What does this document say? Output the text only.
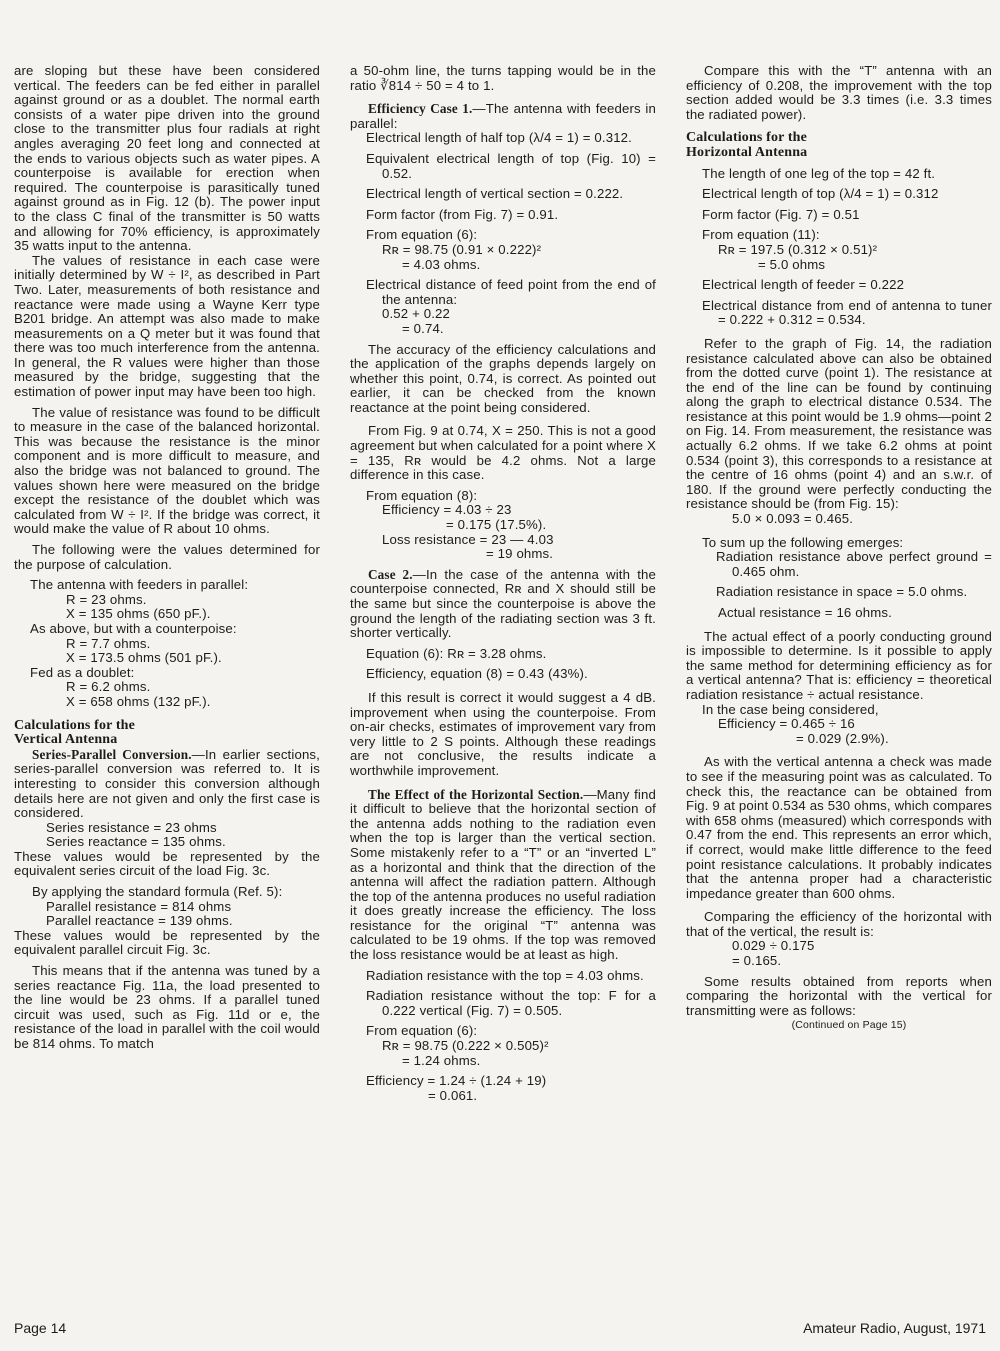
are sloping but these have been considered vertical. The feeders can be fed either in parallel against ground or as a doublet. The normal earth consists of a water pipe driven into the ground close to the transmitter plus four radials at right angles averaging 20 feet long and connected at the ends to various objects such as water pipes. A counterpoise is available for erection when required. The counterpoise is parasitically tuned against ground as in Fig. 12 (b). The power input to the class C final of the transmitter is 50 watts and allowing for 70% efficiency, is approximately 35 watts input to the antenna.

The values of resistance in each case were initially determined by W ÷ I², as described in Part Two. Later, measurements of both resistance and reactance were made using a Wayne Kerr type B201 bridge. An attempt was also made to make measurements on a Q meter but it was found that there was too much interference from the antenna. In general, the R values were higher than those measured by the bridge, suggesting that the estimation of power input may have been too high.

The value of resistance was found to be difficult to measure in the case of the balanced horizontal. This was because the resistance is the minor component and is more difficult to measure, and also the bridge was not balanced to ground. The values shown here were measured on the bridge except the resistance of the doublet which was calculated from W ÷ I². If the bridge was correct, it would make the value of R about 10 ohms.

The following were the values determined for the purpose of calculation.

The antenna with feeders in parallel:

R = 23 ohms.

X = 135 ohms (650 pF.).

As above, but with a counterpoise:

R = 7.7 ohms.

X = 173.5 ohms (501 pF.).

Fed as a doublet:

R = 6.2 ohms.

X = 658 ohms (132 pF.).

Calculations for the

Vertical Antenna

Series-Parallel Conversion.—In earlier sections, series-parallel conversion was referred to. It is interesting to consider this conversion although details here are not given and only the first case is considered.

Series resistance = 23 ohms

Series reactance = 135 ohms.

These values would be represented by the equivalent series circuit of the load Fig. 3c.

By applying the standard formula (Ref. 5):

Parallel resistance = 814 ohms

Parallel reactance = 139 ohms.

These values would be represented by the equivalent parallel circuit Fig. 3c.

This means that if the antenna was tuned by a series reactance Fig. 11a, the load presented to the line would be 23 ohms. If a parallel tuned circuit was used, such as Fig. 11d or e, the resistance of the load in parallel with the coil would be 814 ohms. To match

a 50-ohm line, the turns tapping would be in the ratio ∛814 ÷ 50 = 4 to 1.

Efficiency Case 1.—The antenna with feeders in parallel:

Electrical length of half top (λ/4 = 1) = 0.312.

Equivalent electrical length of top (Fig. 10) = 0.52.

Electrical length of vertical section = 0.222.

Form factor (from Fig. 7) = 0.91.

From equation (6):

Rʀ = 98.75 (0.91 × 0.222)²

= 4.03 ohms.

Electrical distance of feed point from the end of the antenna:

0.52 + 0.22

= 0.74.

The accuracy of the efficiency calculations and the application of the graphs depends largely on whether this point, 0.74, is correct. As pointed out earlier, it can be checked from the known reactance at the point being considered.

From Fig. 9 at 0.74, X = 250. This is not a good agreement but when calculated for a point where X = 135, Rʀ would be 4.2 ohms. Not a large difference in this case.

From equation (8):

Efficiency = 4.03 ÷ 23

= 0.175 (17.5%).

Loss resistance = 23 — 4.03

= 19 ohms.

Case 2.—In the case of the antenna with the counterpoise connected, Rʀ and X should still be the same but since the counterpoise is above the ground the length of the radiating section was 3 ft. shorter vertically.

Equation (6): Rʀ = 3.28 ohms.

Efficiency, equation (8) = 0.43 (43%).

If this result is correct it would suggest a 4 dB. improvement when using the counterpoise. From on-air checks, estimates of improvement vary from very little to 2 S points. Although these readings are not conclusive, the results indicate a worthwhile improvement.

The Effect of the Horizontal Section.—Many find it difficult to believe that the horizontal section of the antenna adds nothing to the radiation even when the top is larger than the vertical section. Some mistakenly refer to a “T” or an “inverted L” as a horizontal and think that the direction of the antenna will affect the radiation pattern. Although the top of the antenna produces no useful radiation it does greatly increase the efficiency. The loss resistance for the original “T” antenna was calculated to be 19 ohms. If the top was removed the loss resistance would be at least as high.

Radiation resistance with the top = 4.03 ohms.

Radiation resistance without the top: F for a 0.222 vertical (Fig. 7) = 0.505.

From equation (6):

Rʀ = 98.75 (0.222 × 0.505)²

= 1.24 ohms.

Efficiency = 1.24 ÷ (1.24 + 19)

= 0.061.

Compare this with the “T” antenna with an efficiency of 0.208, the improvement with the top section added would be 3.3 times (i.e. 3.3 times the radiated power).

Calculations for the

Horizontal Antenna

The length of one leg of the top = 42 ft.

Electrical length of top (λ/4 = 1) = 0.312

Form factor (Fig. 7) = 0.51

From equation (11):

Rʀ = 197.5 (0.312 × 0.51)²

= 5.0 ohms

Electrical length of feeder = 0.222

Electrical distance from end of antenna to tuner = 0.222 + 0.312 = 0.534.

Refer to the graph of Fig. 14, the radiation resistance calculated above can also be obtained from the dotted curve (point 1). The resistance at the end of the line can be found by continuing along the graph to electrical distance 0.534. The resistance at this point would be 1.9 ohms—point 2 on Fig. 14. From measurement, the resistance was actually 6.2 ohms. If we take 6.2 ohms at point 0.534 (point 3), this corresponds to a resistance at the centre of 16 ohms (point 4) and an s.w.r. of 180. If the ground were perfectly conducting the resistance should be (from Fig. 15):

5.0 × 0.093 = 0.465.

To sum up the following emerges:

Radiation resistance above perfect ground = 0.465 ohm.

Radiation resistance in space = 5.0 ohms.

Actual resistance = 16 ohms.

The actual effect of a poorly conducting ground is impossible to determine. Is it possible to apply the same method for determining efficiency as for a vertical antenna? That is: efficiency = theoretical radiation resistance ÷ actual resistance.

In the case being considered,

Efficiency = 0.465 ÷ 16

= 0.029 (2.9%).

As with the vertical antenna a check was made to see if the measuring point was as calculated. To check this, the reactance can be obtained from Fig. 9 at point 0.534 as 530 ohms, which compares with 658 ohms (measured) which corresponds with 0.47 from the end. This represents an error which, if correct, would make little difference to the feed point resistance calculations. It probably indicates that the antenna proper had a characteristic impedance greater than 600 ohms.

Comparing the efficiency of the horizontal with that of the vertical, the result is:

0.029 ÷ 0.175

= 0.165.

Some results obtained from reports when comparing the horizontal with the vertical for transmitting were as follows:

(Continued on Page 15)

Page 14	Amateur Radio, August, 1971
